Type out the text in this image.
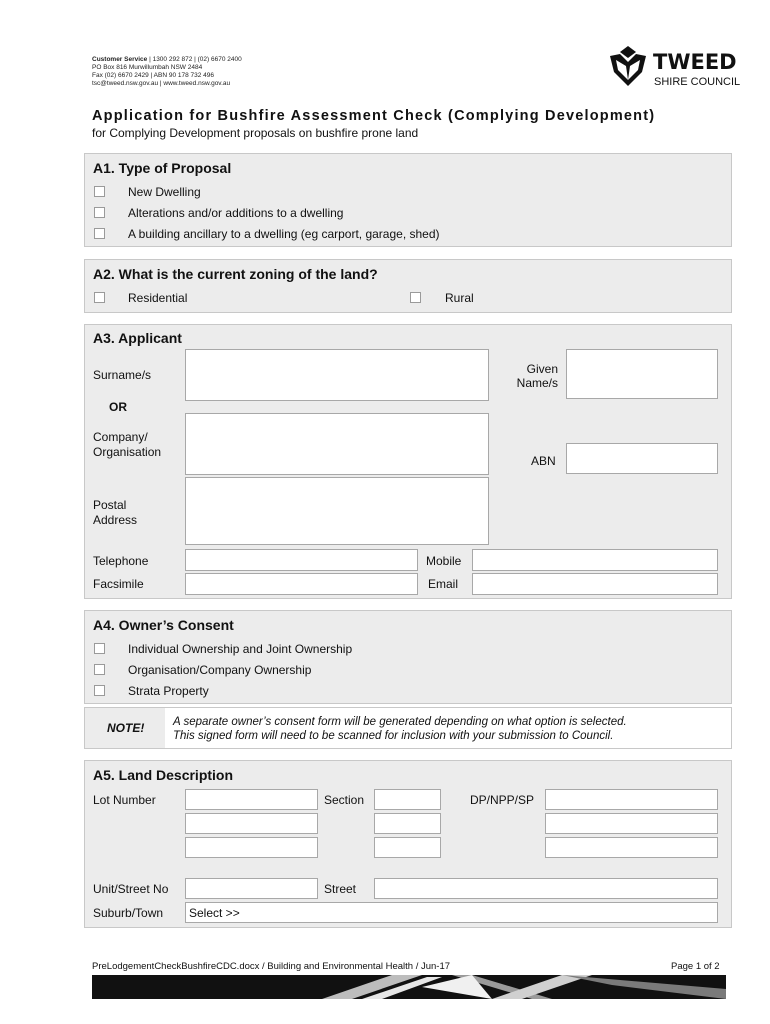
Customer Service | 1300 292 872 | (02) 6670 2400
PO Box 816 Murwillumbah NSW 2484
Fax (02) 6670 2429 | ABN 90 178 732 496
tsc@tweed.nsw.gov.au | www.tweed.nsw.gov.au
TWEED
SHIRE COUNCIL
Application for Bushfire Assessment Check (Complying Development)
for Complying Development proposals on bushfire prone land
A1. Type of Proposal
New Dwelling
Alterations and/or additions to a dwelling
A building ancillary to a dwelling (eg carport, garage, shed)
A2. What is the current zoning of the land?
Residential	Rural
A3. Applicant
Surname/s	Given
Name/s
OR
Company/
Organisation
ABN
Postal
Address
Telephone	Mobile
Facsimile	Email
A4. Owner’s Consent
Individual Ownership and Joint Ownership
Organisation/Company Ownership
Strata Property
NOTE! A separate owner’s consent form will be generated depending on what option is selected.
This signed form will need to be scanned for inclusion with your submission to Council.
A5. Land Description
Lot Number	Section	DP/NPP/SP
Unit/Street No	Street
Suburb/Town	Select >>
PreLodgementCheckBushfireCDC.docx / Building and Environmental Health / Jun-17	Page 1 of 2
